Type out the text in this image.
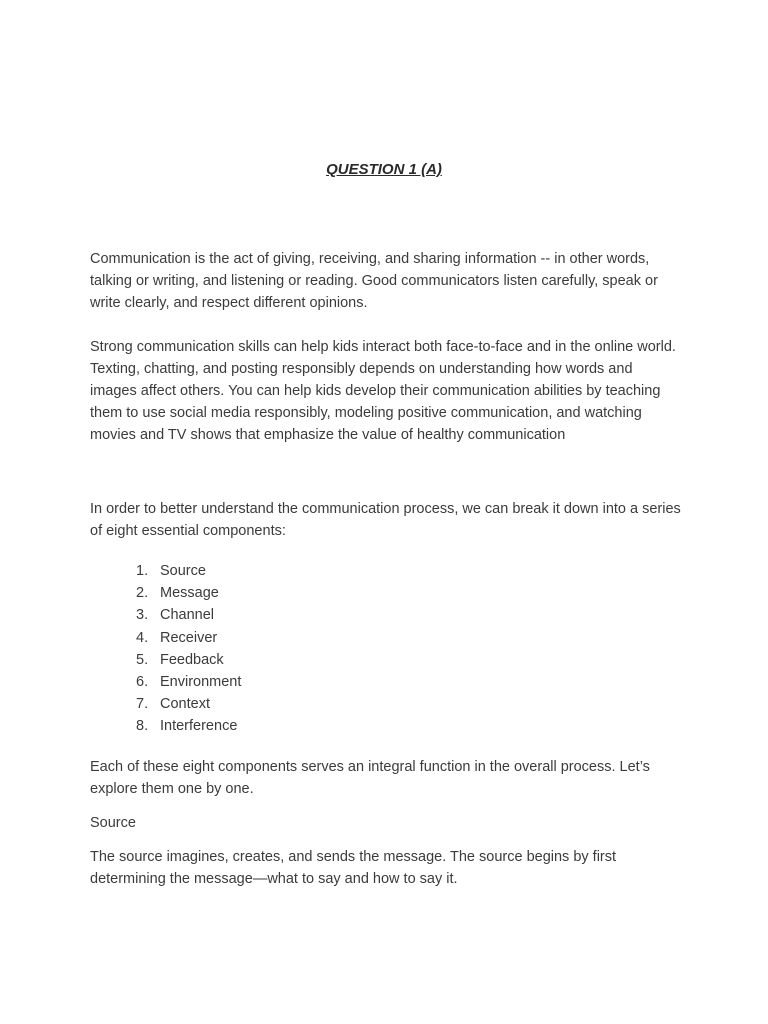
QUESTION 1 (A)

Communication is the act of giving, receiving, and sharing information -- in other words, talking or writing, and listening or reading. Good communicators listen carefully, speak or write clearly, and respect different opinions.

Strong communication skills can help kids interact both face-to-face and in the online world. Texting, chatting, and posting responsibly depends on understanding how words and images affect others. You can help kids develop their communication abilities by teaching them to use social media responsibly, modeling positive communication, and watching movies and TV shows that emphasize the value of healthy communication

In order to better understand the communication process, we can break it down into a series of eight essential components:

1. Source
2. Message
3. Channel
4. Receiver
5. Feedback
6. Environment
7. Context
8. Interference

Each of these eight components serves an integral function in the overall process. Let’s explore them one by one.

Source

The source imagines, creates, and sends the message. The source begins by first determining the message—what to say and how to say it.
